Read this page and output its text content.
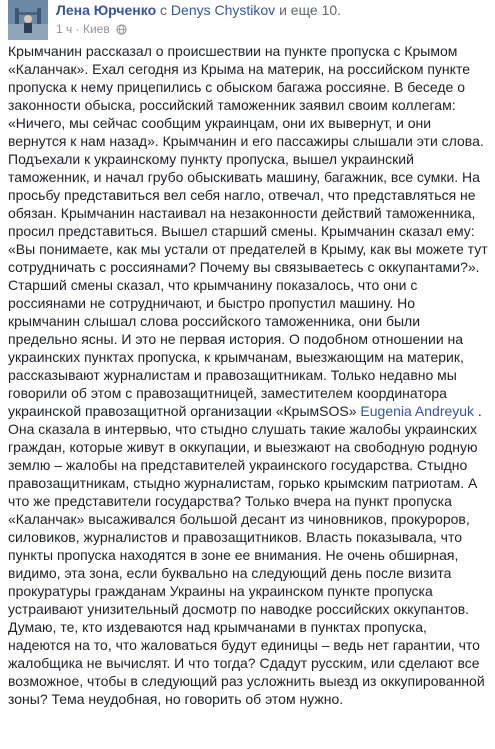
Лена Юрченко с Denys Chystikov и еще 10.
1 ч · Киев

Крымчанин рассказал о происшествии на пункте пропуска с Крымом «Каланчак». Ехал сегодня из Крыма на материк, на российском пункте пропуска к нему прицепились с обыском багажа россияне. В беседе о законности обыска, российский таможенник заявил своим коллегам: «Ничего, мы сейчас сообщим украинцам, они их вывернут, и они вернутся к нам назад». Крымчанин и его пассажиры слышали эти слова. Подъехали к украинскому пункту пропуска, вышел украинский таможенник, и начал грубо обыскивать машину, багажник, все сумки. На просьбу представиться вел себя нагло, отвечал, что представляться не обязан. Крымчанин настаивал на незаконности действий таможенника, просил представиться. Вышел старший смены. Крымчанин сказал ему: «Вы понимаете, как мы устали от предателей в Крыму, как вы можете тут сотрудничать с россиянами? Почему вы связываетесь с оккупантами?». Старший смены сказал, что крымчанину показалось, что они с россиянами не сотрудничают, и быстро пропустил машину. Но крымчанин слышал слова российского таможенника, они были предельно ясны. И это не первая история. О подобном отношении на украинских пунктах пропуска, к крымчанам, выезжающим на материк, рассказывают журналистам и правозащитникам. Только недавно мы говорили об этом с правозащитницей, заместителем координатора украинской правозащитной организации «КрымSOS» Eugenia Andreyuk . Она сказала в интервью, что стыдно слушать такие жалобы украинских граждан, которые живут в оккупации, и выезжают на свободную родную землю – жалобы на представителей украинского государства. Стыдно правозащитникам, стыдно журналистам, горько крымским патриотам. А что же представители государства? Только вчера на пункт пропуска «Каланчак» высаживался большой десант из чиновников, прокуроров, силовиков, журналистов и правозащитников. Власть показывала, что пункты пропуска находятся в зоне ее внимания. Не очень обширная, видимо, эта зона, если буквально на следующий день после визита прокуратуры гражданам Украины на украинском пункте пропуска устраивают унизительный досмотр по наводке российских оккупантов. Думаю, те, кто издеваются над крымчанами в пунктах пропуска, надеются на то, что жаловаться будут единицы – ведь нет гарантии, что жалобщика не вычислят. И что тогда? Сдадут русским, или сделают все возможное, чтобы в следующий раз усложнить выезд из оккупированной зоны? Тема неудобная, но говорить об этом нужно.
